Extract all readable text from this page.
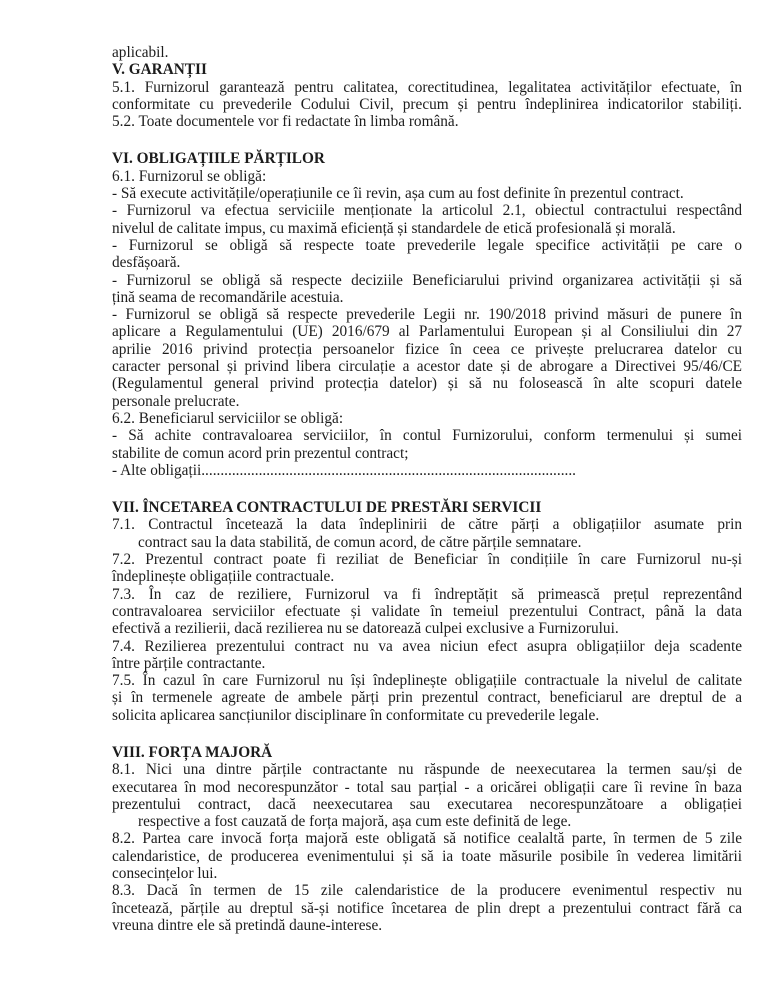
aplicabil.
V. GARANȚII
5.1. Furnizorul garantează pentru calitatea, corectitudinea, legalitatea activităților efectuate, în
conformitate cu prevederile Codului Civil, precum și pentru îndeplinirea indicatorilor stabiliți.
5.2. Toate documentele vor fi redactate în limba română.
VI. OBLIGAȚIILE PĂRȚILOR
6.1. Furnizorul se obligă:
- Să execute activitățile/operațiunile ce îi revin, așa cum au fost definite în prezentul contract.
- Furnizorul va efectua serviciile menționate la articolul 2.1, obiectul contractului respectând
nivelul de calitate impus, cu maximă eficiență și standardele de etică profesională și morală.
- Furnizorul se obligă să respecte toate prevederile legale specifice activității pe care o
desfășoară.
- Furnizorul se obligă să respecte deciziile Beneficiarului privind organizarea activității și să
țină seama de recomandările acestuia.
- Furnizorul se obligă să respecte prevederile Legii nr. 190/2018 privind măsuri de punere în
aplicare a Regulamentului (UE) 2016/679 al Parlamentului European și al Consiliului din 27
aprilie 2016 privind protecția persoanelor fizice în ceea ce privește prelucrarea datelor cu
caracter personal și privind libera circulație a acestor date și de abrogare a Directivei 95/46/CE
(Regulamentul general privind protecția datelor) și să nu folosească în alte scopuri datele
personale prelucrate.
6.2. Beneficiarul serviciilor se obligă:
- Să achite contravaloarea serviciilor, în contul Furnizorului, conform termenului și sumei
stabilite de comun acord prin prezentul contract;
- Alte obligații..................................................................................................
VII. ÎNCETAREA CONTRACTULUI DE PRESTĂRI SERVICII
7.1. Contractul încetează la data îndeplinirii de către părți a obligațiilor asumate prin
contract sau la data stabilită, de comun acord, de către părțile semnatare.
7.2. Prezentul contract poate fi reziliat de Beneficiar în condițiile în care Furnizorul nu-și
îndeplinește obligațiile contractuale.
7.3. În caz de reziliere, Furnizorul va fi îndreptățit să primească prețul reprezentând
contravaloarea serviciilor efectuate și validate în temeiul prezentului Contract, până la data
efectivă a rezilierii, dacă rezilierea nu se datorează culpei exclusive a Furnizorului.
7.4. Rezilierea prezentului contract nu va avea niciun efect asupra obligațiilor deja scadente
între părțile contractante.
7.5. În cazul în care Furnizorul nu își îndeplinește obligațiile contractuale la nivelul de calitate
și în termenele agreate de ambele părți prin prezentul contract, beneficiarul are dreptul de a
solicita aplicarea sancțiunilor disciplinare în conformitate cu prevederile legale.
VIII. FORȚA MAJORĂ
8.1. Nici una dintre părțile contractante nu răspunde de neexecutarea la termen sau/și de
executarea în mod necorespunzător - total sau parțial - a oricărei obligații care îi revine în baza
prezentului contract, dacă neexecutarea sau executarea necorespunzătoare a obligației
respective a fost cauzată de forța majoră, așa cum este definită de lege.
8.2. Partea care invocă forța majoră este obligată să notifice cealaltă parte, în termen de 5 zile
calendaristice, de producerea evenimentului și să ia toate măsurile posibile în vederea limitării
consecințelor lui.
8.3. Dacă în termen de 15 zile calendaristice de la producere evenimentul respectiv nu
încetează, părțile au dreptul să-și notifice încetarea de plin drept a prezentului contract fără ca
vreuna dintre ele să pretindă daune-interese.
